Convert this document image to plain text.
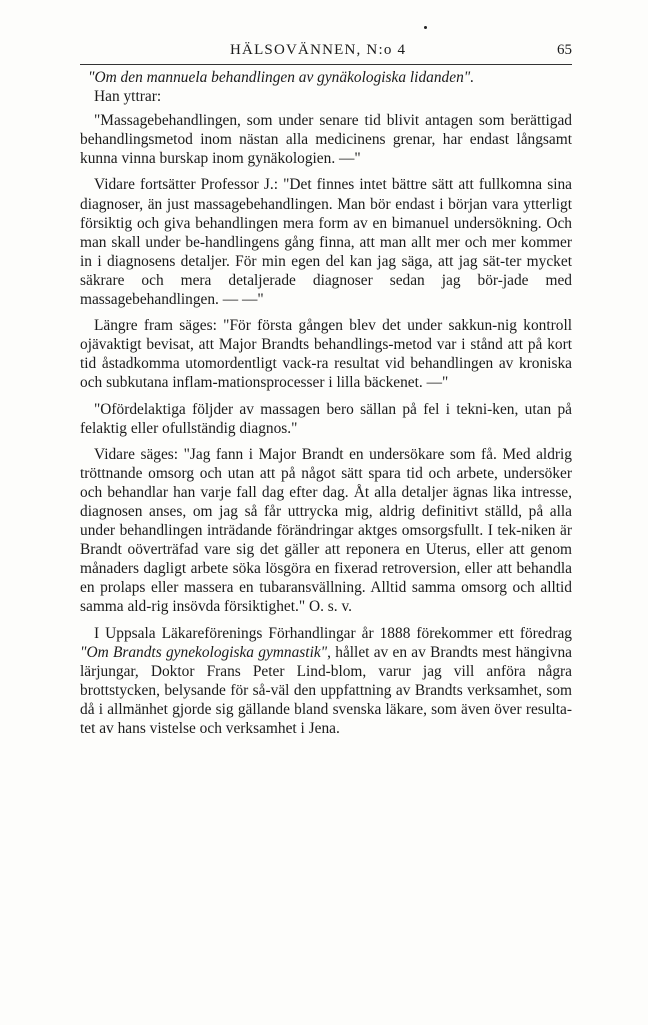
HÄLSOVÄNNEN, N:o 4	65

"Om den mannuela behandlingen av gynäkologiska lidanden".

Han yttrar:

"Massagebehandlingen, som under senare tid blivit antagen som berättigad behandlingsmetod inom nästan alla medicinens grenar, har endast långsamt kunna vinna burskap inom gynäkologien. —"

Vidare fortsätter Professor J.: "Det finnes intet bättre sätt att fullkomna sina diagnoser, än just massagebehandlingen. Man bör endast i början vara ytterligt försiktig och giva behandlingen mera form av en bimanuel undersökning. Och man skall under be-handlingens gång finna, att man allt mer och mer kommer in i diagnosens detaljer. För min egen del kan jag säga, att jag sät-ter mycket säkrare och mera detaljerade diagnoser sedan jag bör-jade med massagebehandlingen. — —"

Längre fram säges: "För första gången blev det under sakkun-nig kontroll ojävaktigt bevisat, att Major Brandts behandlings-metod var i stånd att på kort tid åstadkomma utomordentligt vack-ra resultat vid behandlingen av kroniska och subkutana inflam-mationsprocesser i lilla bäckenet. —"

"Ofördelaktiga följder av massagen bero sällan på fel i tekni-ken, utan på felaktig eller ofullständig diagnos."

Vidare säges: "Jag fann i Major Brandt en undersökare som få. Med aldrig tröttnande omsorg och utan att på något sätt spara tid och arbete, undersöker och behandlar han varje fall dag efter dag. Åt alla detaljer ägnas lika intresse, diagnosen anses, om jag så får uttrycka mig, aldrig definitivt ställd, på alla under behandlingen inträdande förändringar aktges omsorgsfullt. I tek-niken är Brandt oöverträfad vare sig det gäller att reponera en Uterus, eller att genom månaders dagligt arbete söka lösgöra en fixerad retroversion, eller att behandla en prolaps eller massera en tubaransvällning. Alltid samma omsorg och alltid samma ald-rig insövda försiktighet." O. s. v.

I Uppsala Läkareförenings Förhandlingar år 1888 förekommer ett föredrag "Om Brandts gynekologiska gymnastik", hållet av en av Brandts mest hängivna lärjungar, Doktor Frans Peter Lind-blom, varur jag vill anföra några brottstycken, belysande för så-väl den uppfattning av Brandts verksamhet, som då i allmänhet gjorde sig gällande bland svenska läkare, som även över resulta-tet av hans vistelse och verksamhet i Jena.
